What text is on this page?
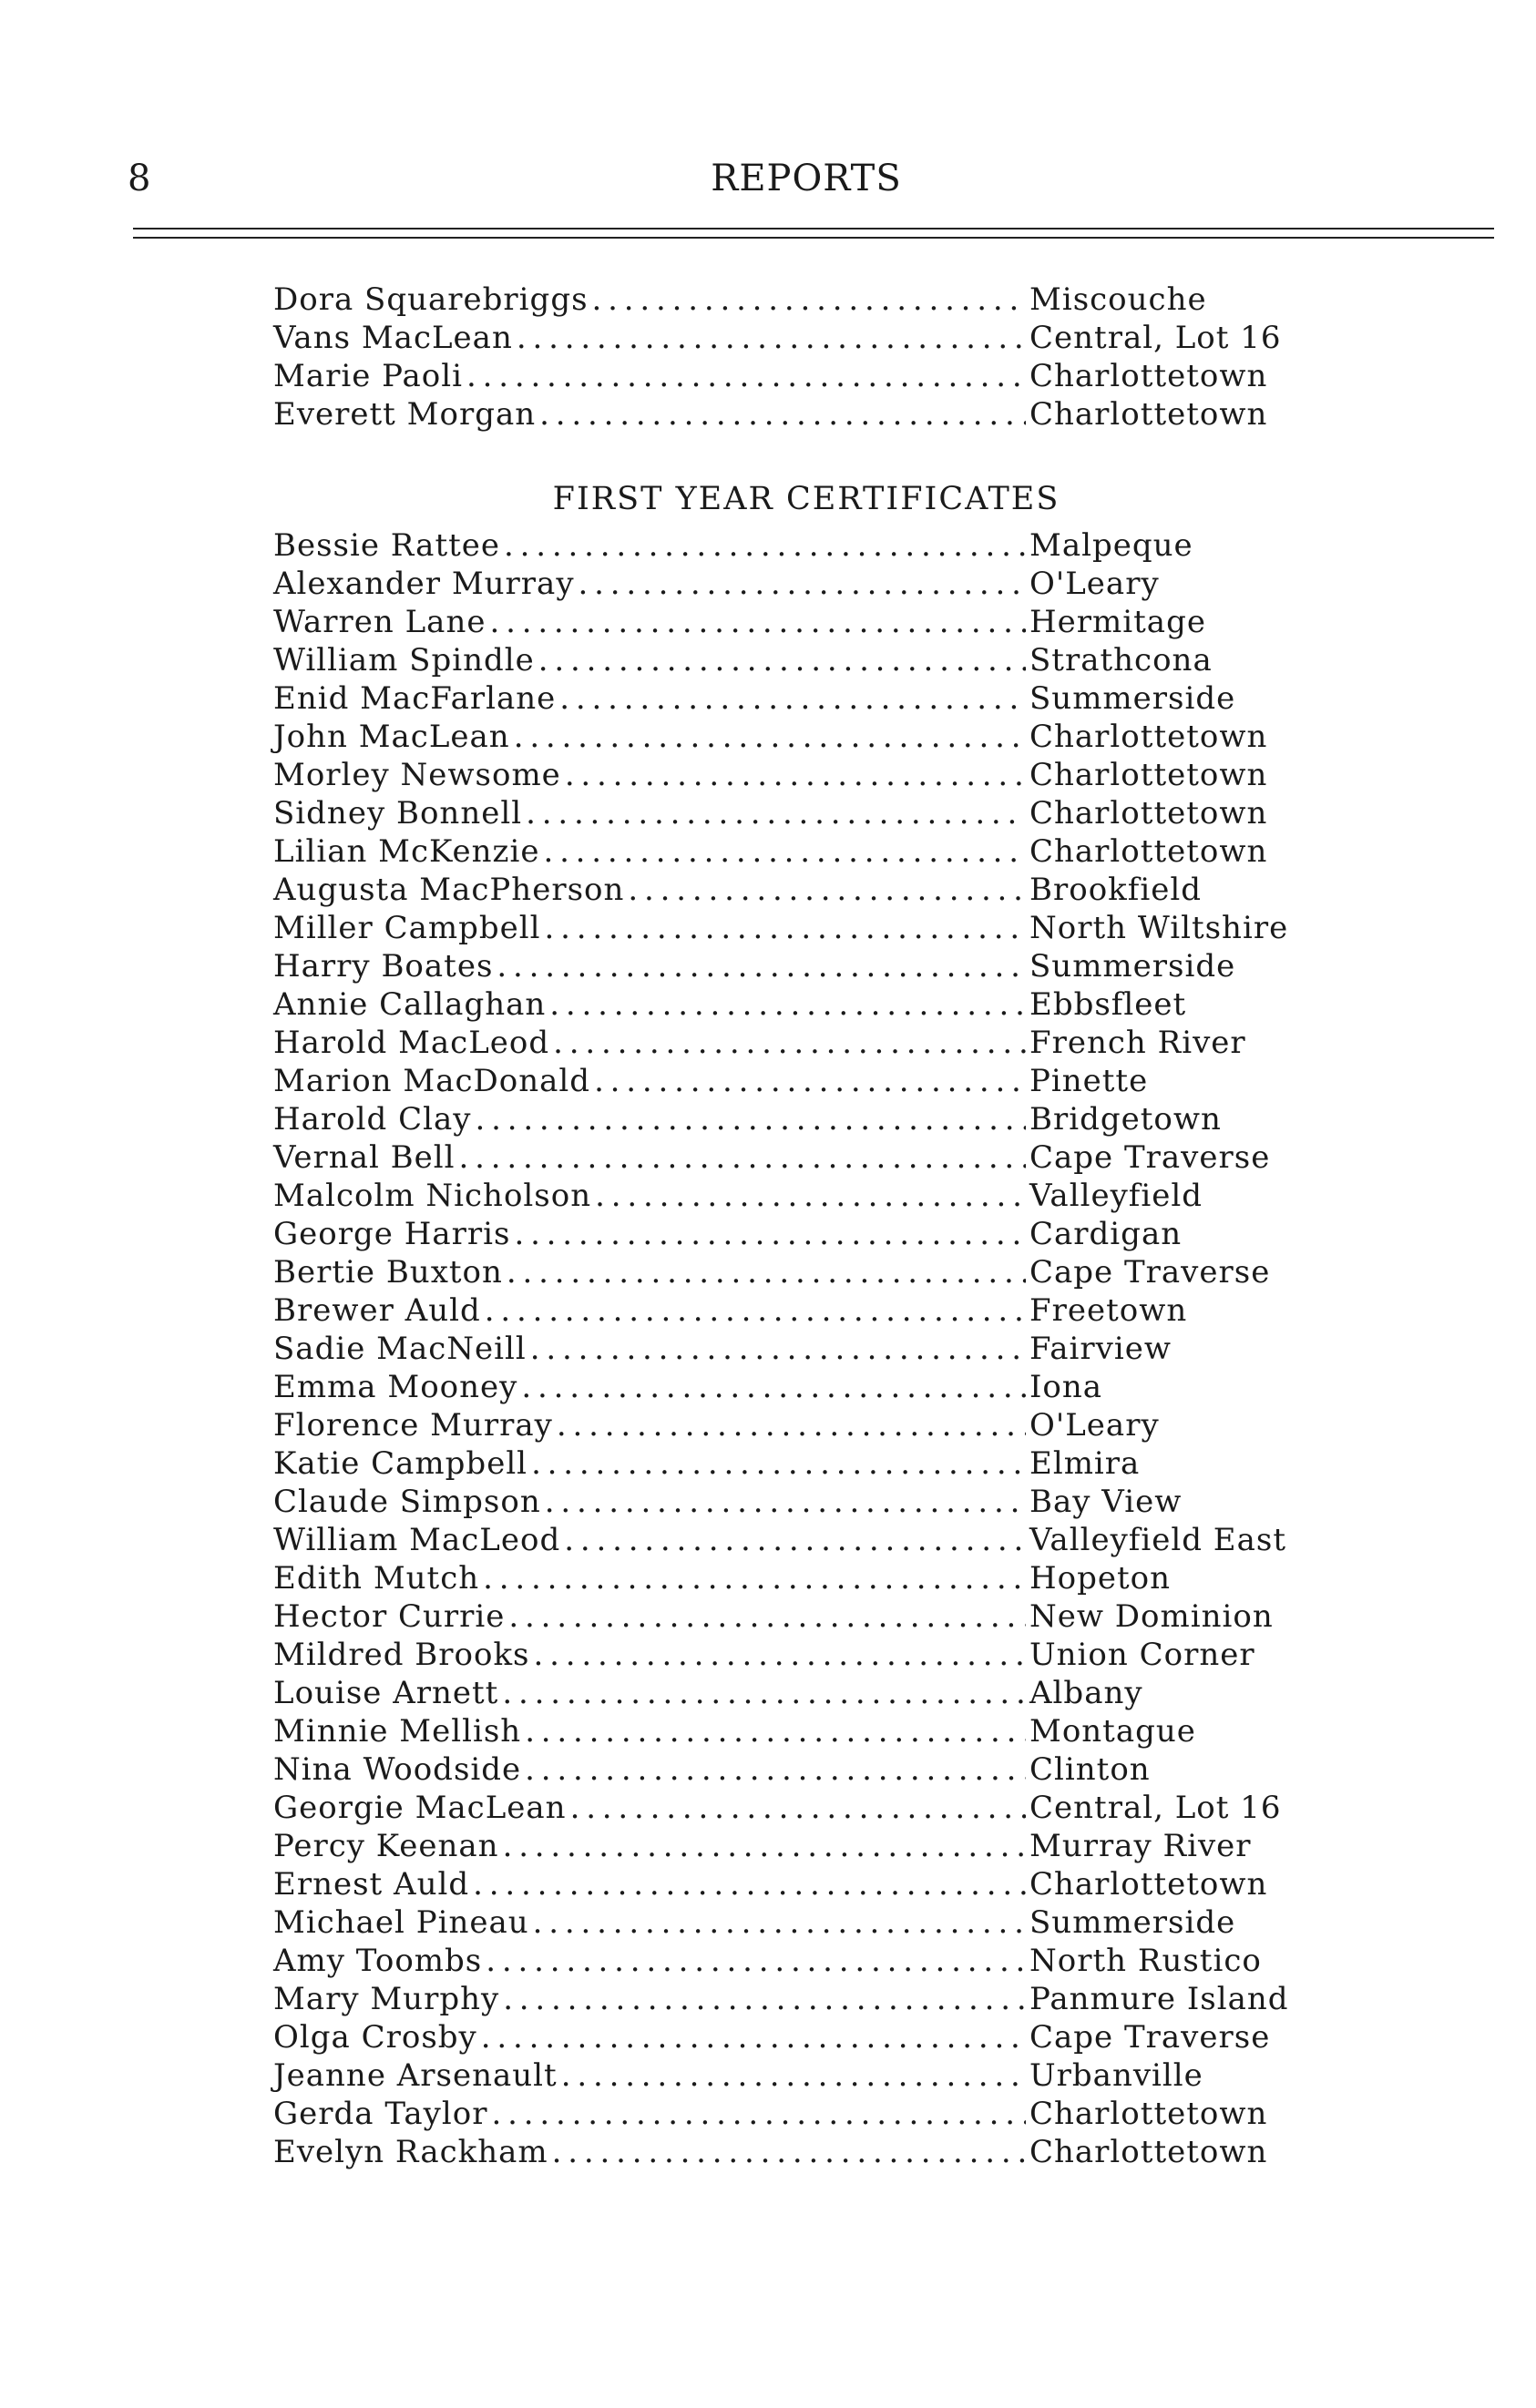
8	REPORTS
Dora Squarebriggs . . .	Miscouche
Vans MacLean . . .	Central, Lot 16
Marie Paoli . . .	Charlottetown
Everett Morgan . . .	Charlottetown
FIRST YEAR CERTIFICATES
Bessie Rattee . . .	Malpeque
Alexander Murray . . .	O'Leary
Warren Lane . . .	Hermitage
William Spindle . . .	Strathcona
Enid MacFarlane . . .	Summerside
John MacLean . . .	Charlottetown
Morley Newsome . . .	Charlottetown
Sidney Bonnell . . .	Charlottetown
Lilian McKenzie . . .	Charlottetown
Augusta MacPherson . . .	Brookfield
Miller Campbell . . .	North Wiltshire
Harry Boates . . .	Summerside
Annie Callaghan . . .	Ebbsfleet
Harold MacLeod . . .	French River
Marion MacDonald . . .	Pinette
Harold Clay . . .	Bridgetown
Vernal Bell . . .	Cape Traverse
Malcolm Nicholson . . .	Valleyfield
George Harris . . .	Cardigan
Bertie Buxton . . .	Cape Traverse
Brewer Auld . . .	Freetown
Sadie MacNeill . . .	Fairview
Emma Mooney . . .	Iona
Florence Murray . . .	O'Leary
Katie Campbell . . .	Elmira
Claude Simpson . . .	Bay View
William MacLeod . . .	Valleyfield East
Edith Mutch . . .	Hopeton
Hector Currie . . .	New Dominion
Mildred Brooks . . .	Union Corner
Louise Arnett . . .	Albany
Minnie Mellish . . .	Montague
Nina Woodside . . .	Clinton
Georgie MacLean . . .	Central, Lot 16
Percy Keenan . . .	Murray River
Ernest Auld . . .	Charlottetown
Michael Pineau . . .	Summerside
Amy Toombs . . .	North Rustico
Mary Murphy . . .	Panmure Island
Olga Crosby . . .	Cape Traverse
Jeanne Arsenault . . .	Urbanville
Gerda Taylor . . .	Charlottetown
Evelyn Rackham . . .	Charlottetown
